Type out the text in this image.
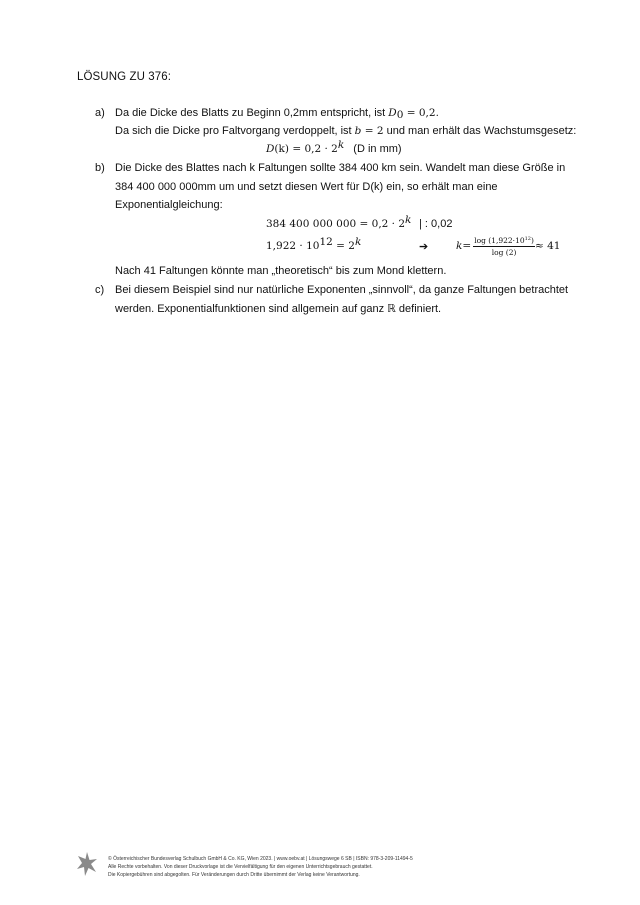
LÖSUNG ZU 376:
a) Da die Dicke des Blatts zu Beginn 0,2mm entspricht, ist $D_0 = 0,2$.
Da sich die Dicke pro Faltvorgang verdoppelt, ist b = 2 und man erhält das Wachstumsgesetz:
$D(k) = 0,2 \cdot 2^k$ (D in mm)
b) Die Dicke des Blattes nach k Faltungen sollte 384 400 km sein. Wandelt man diese Größe in
384 400 000 000mm um und setzt diesen Wert für D(k) ein, so erhält man eine
Exponentialgleichung:
384 400 000 $000 = 0,2 \cdot 2^k$ | : 0,02
$1,922 \cdot 10^{12} = 2^k$	➔	$k = \frac{\log (1,922\cdot 10^{12})}{\log (2)} \approx 41$
Nach 41 Faltungen könnte man „theoretisch“ bis zum Mond klettern.
c) Bei diesem Beispiel sind nur natürliche Exponenten „sinnvoll“, da ganze Faltungen betrachtet
werden. Exponentialfunktionen sind allgemein auf ganz ℝ definiert.
© Österreichischer Bundesverlag Schulbuch GmbH & Co. KG, Wien 2023. | www.oebv.at | Lösungswege 6 SB | ISBN: 978-3-209-11494-5
Alle Rechte vorbehalten. Von dieser Druckvorlage ist die Vervielfältigung für den eigenen Unterrichtsgebrauch gestattet.
Die Kopiergebühren sind abgegolten. Für Veränderungen durch Dritte übernimmt der Verlag keine Verantwortung.
